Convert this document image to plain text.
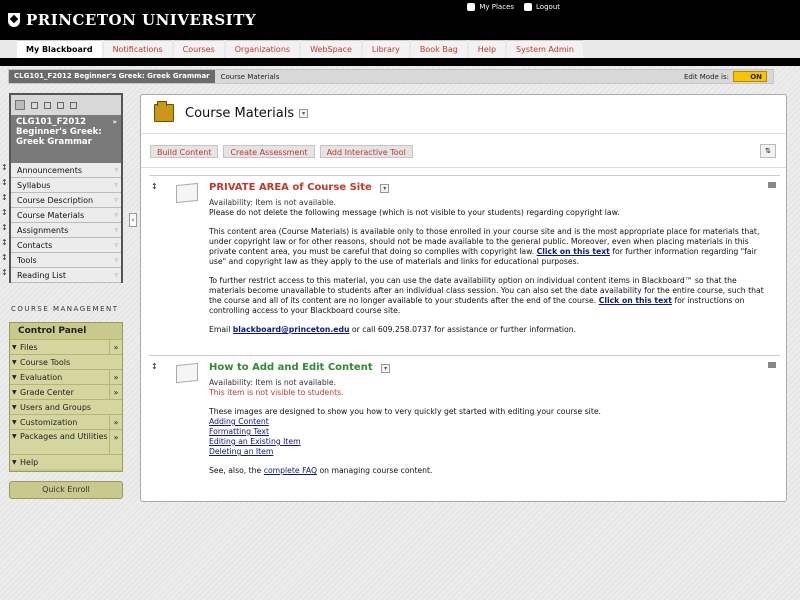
PRINCETON UNIVERSITY
My Places	Logout
My Blackboard	Notifications	Courses	Organizations	WebSpace	Library	Book Bag	Help	System Admin
CLG101_F2012 Beginner's Greek: Greek Grammar	Course Materials	Edit Mode is:	ON
CLG101_F2012 Beginner's Greek: Greek Grammar
»
Announcements	▿
Syllabus	▿
Course Description	▿
Course Materials	▿
Assignments	▿
Contacts	▿
Tools	▿
Reading List	▿
↕
↕
↕
↕
↕
↕
↕
↕
‹
COURSE MANAGEMENT
Control Panel
▼ Files	»
▼ Course Tools
▼ Evaluation	»
▼ Grade Center	»
▼ Users and Groups
▼ Customization	»
▼ Packages and Utilities »
▼ Help
Quick Enroll
Course Materials	▾
Build Content	Create Assessment	Add Interactive Tool	⇅
↕	PRIVATE AREA of Course Site ▾
Availability: Item is not available.

Please do not delete the following message (which is not visible to your students) regarding copyright law.

This content area (Course Materials) is available only to those enrolled in your course site and is the most appropriate place for materials that, under copyright law or for other reasons, should not be made available to the general public. Moreover, even when placing materials in this private content area, you must be careful that doing so complies with copyright law. Click on this text for further information regarding "fair use" and copyright law as they apply to the use of materials and links for educational purposes.

To further restrict access to this material, you can use the date availability option on individual content items in Blackboard™ so that the materials become unavailable to students after an individual class session. You can also set the date availability for the entire course, such that the course and all of its content are no longer available to your students after the end of the course. Click on this text for instructions on controlling access to your Blackboard course site.

Email blackboard@princeton.edu or call 609.258.0737 for assistance or further information.

↕	How to Add and Edit Content ▾
Availability: Item is not available.

This item is not visible to students.

These images are designed to show you how to very quickly get started with editing your course site.
Adding Content
Formatting Text
Editing an Existing Item
Deleting an Item
See, also, the complete FAQ on managing course content.
